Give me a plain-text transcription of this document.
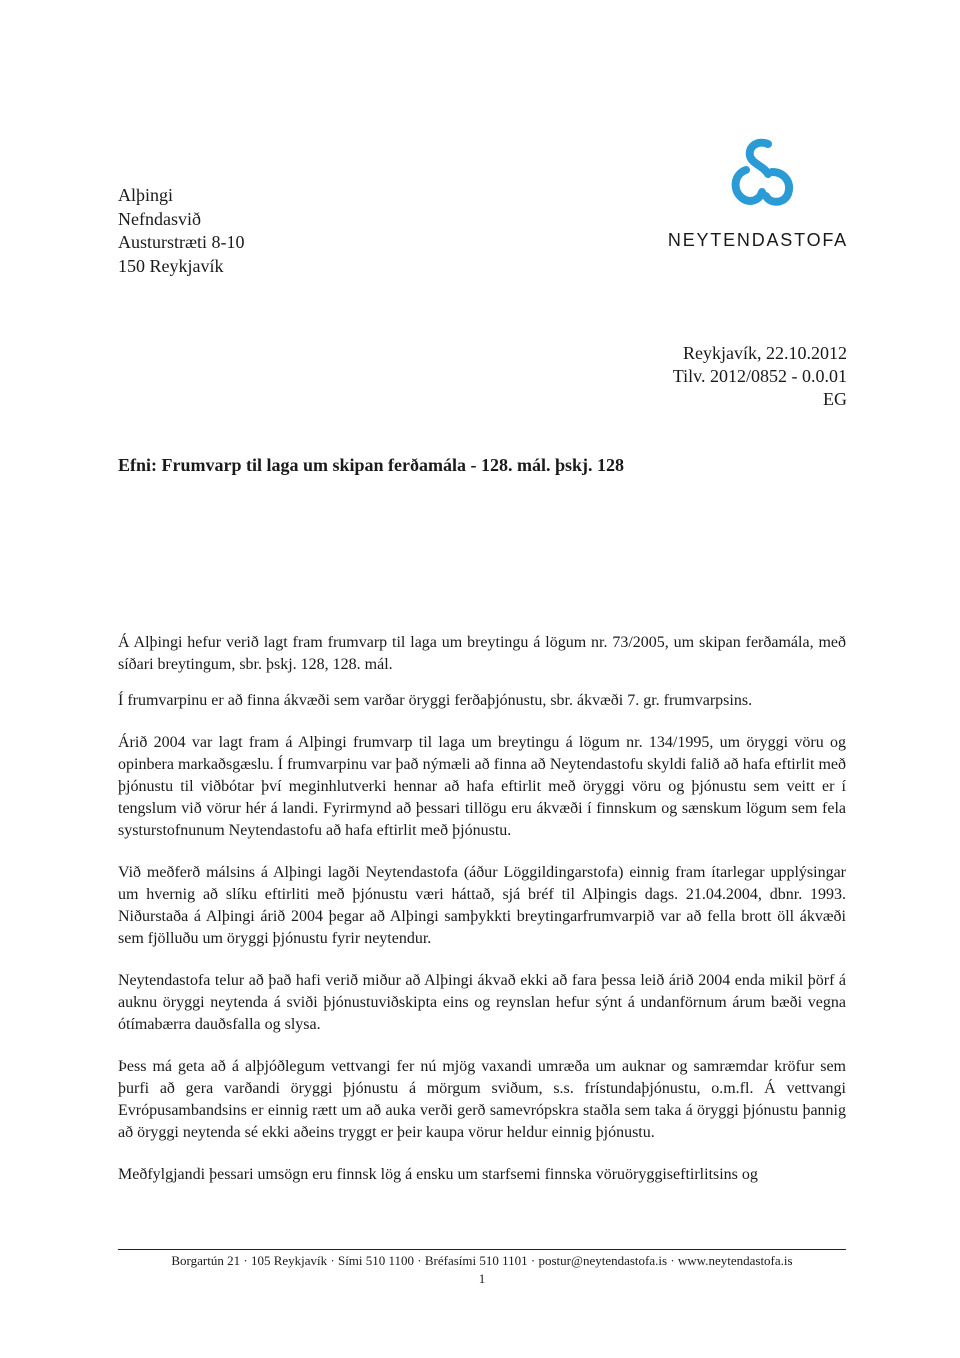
Alþingi
Nefndasvið
Austurstræti 8-10
150 Reykjavík
NEYTENDASTOFA
Reykjavík, 22.10.2012
Tilv. 2012/0852 - 0.0.01
EG
Efni: Frumvarp til laga um skipan ferðamála - 128. mál. þskj. 128

Á Alþingi hefur verið lagt fram frumvarp til laga um breytingu á lögum nr. 73/2005, um skipan ferðamála, með síðari breytingum, sbr. þskj. 128, 128. mál.

Í frumvarpinu er að finna ákvæði sem varðar öryggi ferðaþjónustu, sbr. ákvæði 7. gr. frumvarpsins.

Árið 2004 var lagt fram á Alþingi frumvarp til laga um breytingu á lögum nr. 134/1995, um öryggi vöru og opinbera markaðsgæslu. Í frumvarpinu var það nýmæli að finna að Neytendastofu skyldi falið að hafa eftirlit með þjónustu til viðbótar því meginhlutverki hennar að hafa eftirlit með öryggi vöru og þjónustu sem veitt er í tengslum við vörur hér á landi. Fyrirmynd að þessari tillögu eru ákvæði í finnskum og sænskum lögum sem fela systurstofnunum Neytendastofu að hafa eftirlit með þjónustu.

Við meðferð málsins á Alþingi lagði Neytendastofa (áður Löggildingarstofa) einnig fram ítarlegar upplýsingar um hvernig að slíku eftirliti með þjónustu væri háttað, sjá bréf til Alþingis dags. 21.04.2004, dbnr. 1993. Niðurstaða á Alþingi árið 2004 þegar að Alþingi samþykkti breytingarfrumvarpið var að fella brott öll ákvæði sem fjölluðu um öryggi þjónustu fyrir neytendur.

Neytendastofa telur að það hafi verið miður að Alþingi ákvað ekki að fara þessa leið árið 2004 enda mikil þörf á auknu öryggi neytenda á sviði þjónustuviðskipta eins og reynslan hefur sýnt á undanförnum árum bæði vegna ótímabærra dauðsfalla og slysa.

Þess má geta að á alþjóðlegum vettvangi fer nú mjög vaxandi umræða um auknar og samræmdar kröfur sem þurfi að gera varðandi öryggi þjónustu á mörgum sviðum, s.s. frístundaþjónustu, o.m.fl. Á vettvangi Evrópusambandsins er einnig rætt um að auka verði gerð samevrópskra staðla sem taka á öryggi þjónustu þannig að öryggi neytenda sé ekki aðeins tryggt er þeir kaupa vörur heldur einnig þjónustu.

Meðfylgjandi þessari umsögn eru finnsk lög á ensku um starfsemi finnska vöruöryggiseftirlitsins og

Borgartún 21 · 105 Reykjavík · Sími 510 1100 · Bréfasími 510 1101 · postur@neytendastofa.is · www.neytendastofa.is
1
